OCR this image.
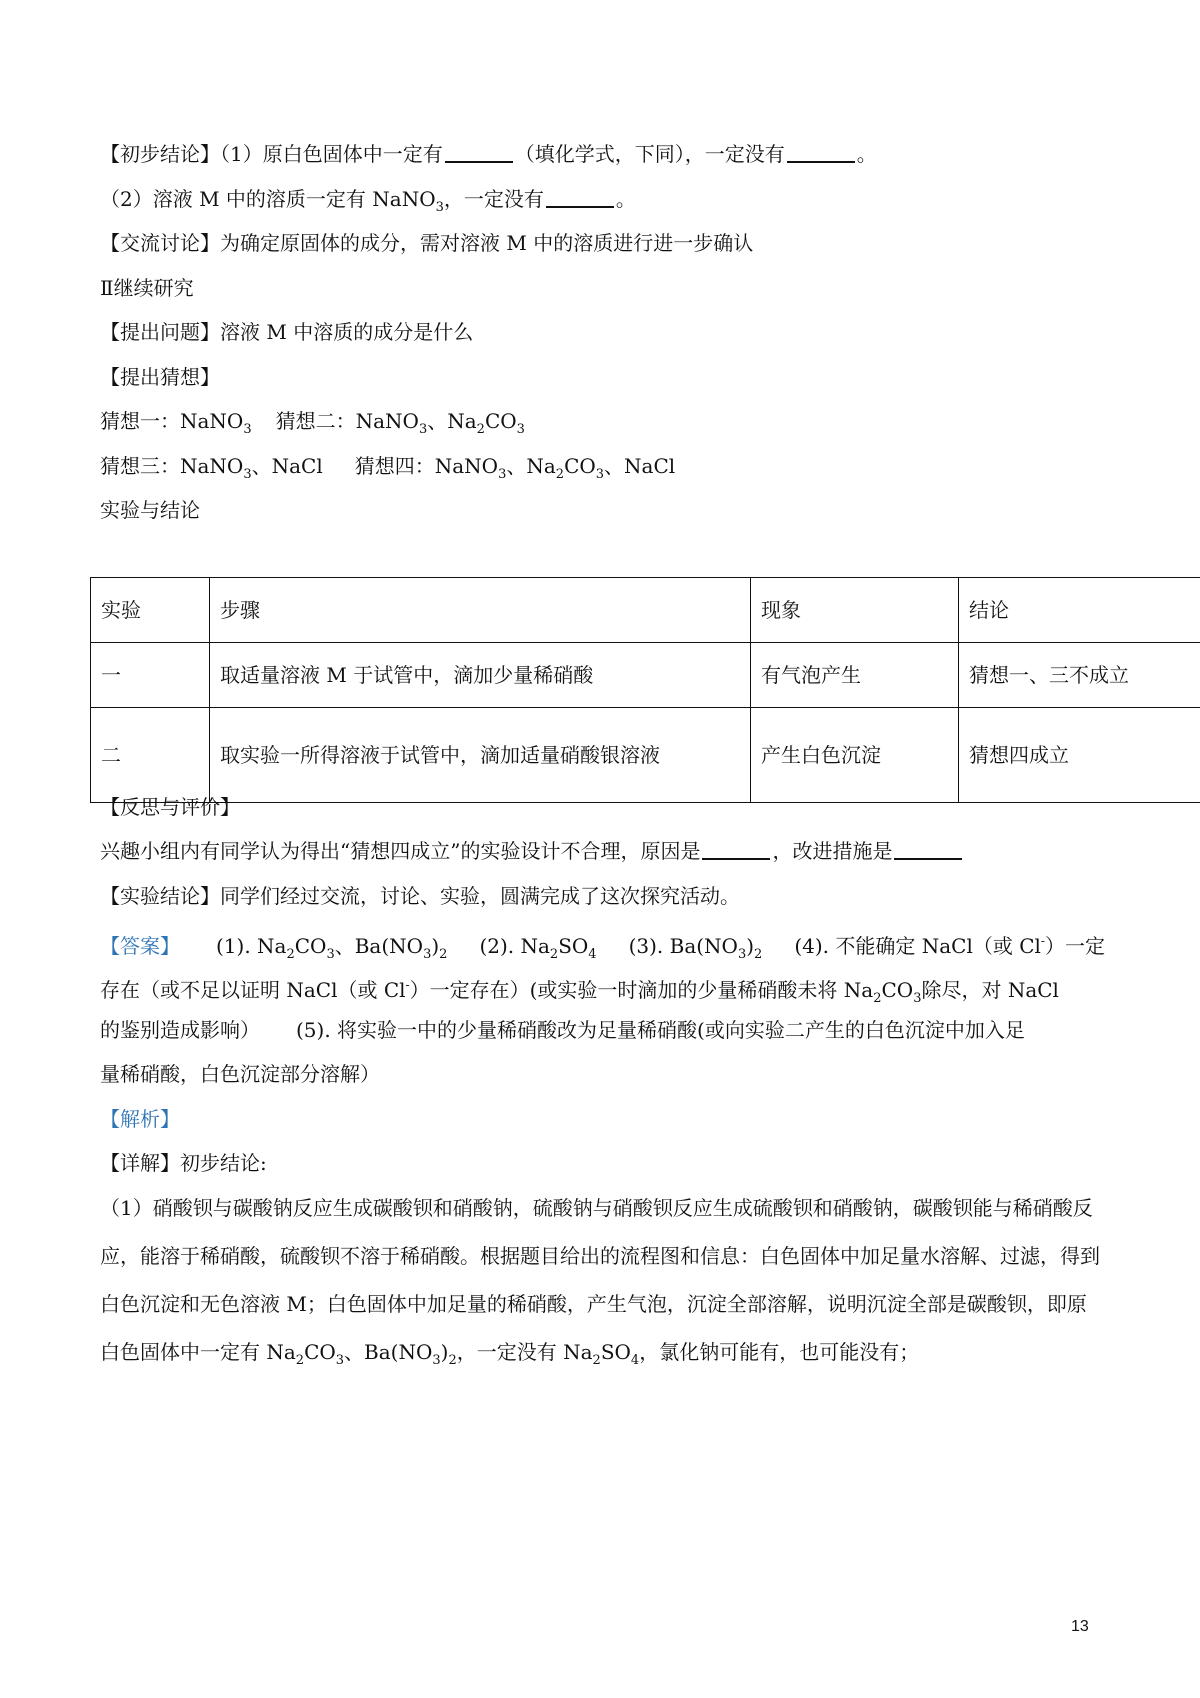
【初步结论】（1）原白色固体中一定有	（填化学式，下同），一定没有	。
（2）溶液 M 中的溶质一定有 NaNO$_3$，一定没有	。
【交流讨论】为确定原固体的成分，需对溶液 M 中的溶质进行进一步确认
Ⅱ继续研究
【提出问题】溶液 M 中溶质的成分是什么
【提出猜想】
猜想一：NaNO$_3$ 猜想二：NaNO$_3$、$Na_2CO_3$
猜想三：NaNO$_3$、NaCl 猜想四：NaNO$_3$、$Na_2CO_3$、NaCl
实验与结论
实验	步骤	现象	结论
一	取适量溶液 M 于试管中，滴加少量稀硝酸	有气泡产生	猜想一、三不成立
二	取实验一所得溶液于试管中，滴加适量硝酸银溶液	产生白色沉淀	猜想四成立
【反思与评价】
兴趣小组内有同学认为得出“猜想四成立”的实验设计不合理，原因是	，改进措施是
【实验结论】同学们经过交流，讨论、实验，圆满完成了这次探究活动。
【答案】 (1). $Na_2CO_3$、$Ba(NO_3)_2$ (2). $Na_2SO_4$ (3). $Ba(NO_3)_2$ (4). 不能确定 NaCl（或 Cl-）一定
存在（或不足以证明 NaCl（或 Cl-）一定存在）(或实验一时滴加的少量稀硝酸未将 $Na_2CO_3$除尽，对 NaCl
的鉴别造成影响） (5). 将实验一中的少量稀硝酸改为足量稀硝酸(或向实验二产生的白色沉淀中加入足
量稀硝酸，白色沉淀部分溶解）
【解析】
【详解】初步结论:
（1）硝酸钡与碳酸钠反应生成碳酸钡和硝酸钠，硫酸钠与硝酸钡反应生成硫酸钡和硝酸钠，碳酸钡能与稀硝酸反应，能溶于稀硝酸，硫酸钡不溶于稀硝酸。根据题目给出的流程图和信息：白色固体中加足量水溶解、过滤，得到白色沉淀和无色溶液 M；白色固体中加足量的稀硝酸，产生气泡，沉淀全部溶解，说明沉淀全部是碳酸钡，即原白色固体中一定有 $Na_2CO_3$、$Ba(NO_3)_2$，一定没有 $Na_2SO_4$，氯化钠可能有，也可能没有；
13
